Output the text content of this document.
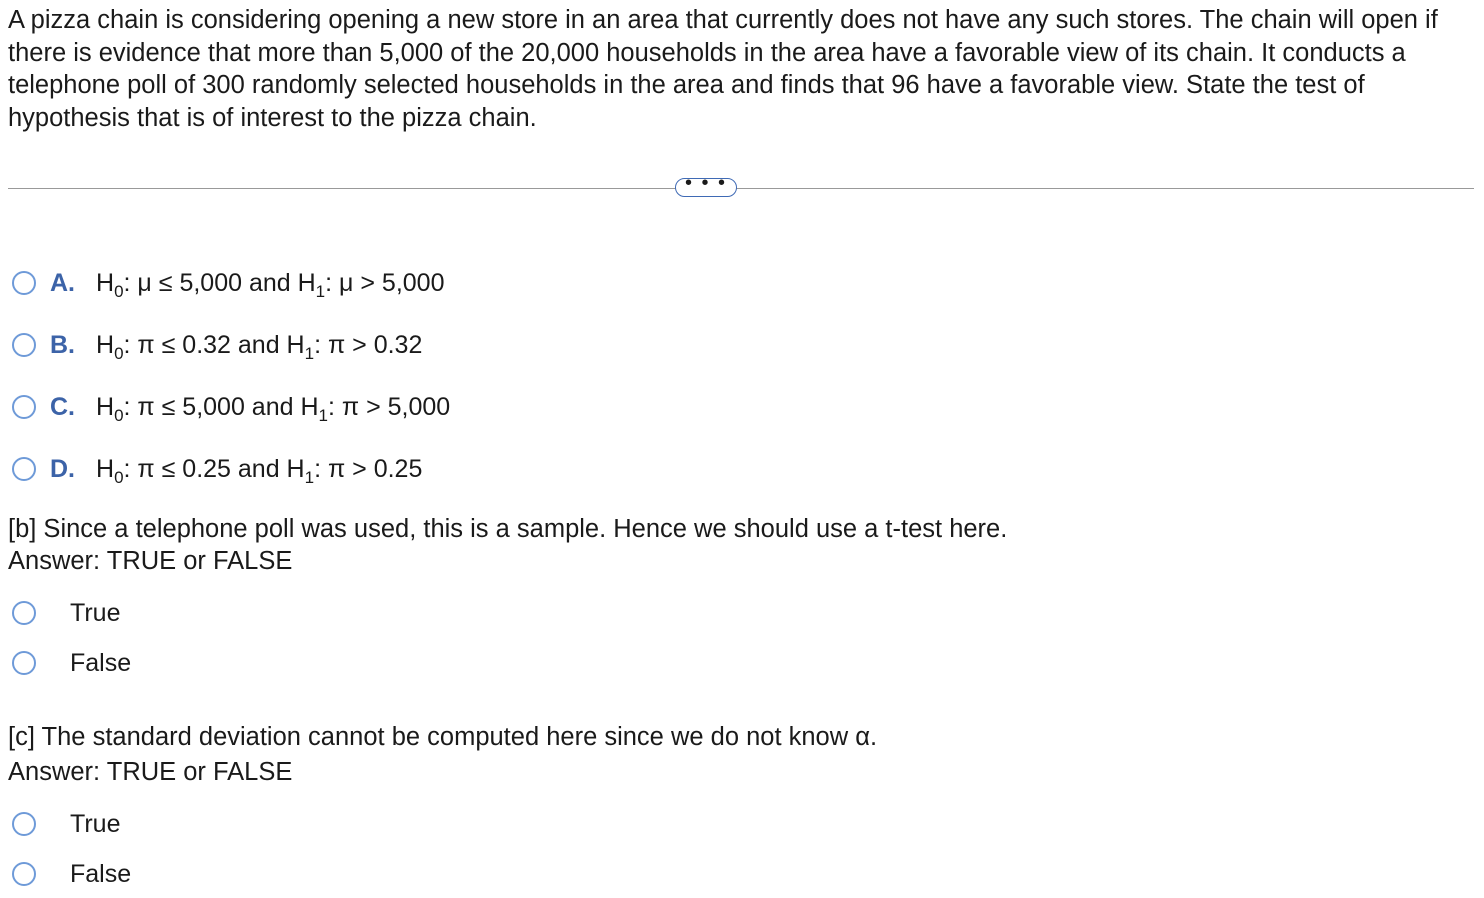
A pizza chain is considering opening a new store in an area that currently does not have any such stores. The chain will open if there is evidence that more than 5,000 of the 20,000 households in the area have a favorable view of its chain. It conducts a telephone poll of 300 randomly selected households in the area and finds that 96 have a favorable view. State the test of hypothesis that is of interest to the pizza chain.
• • •
A. $H_0$: μ ≤ 5,000 and $H_1$: μ > 5,000
B. $H_0$: π ≤ 0.32 and $H_1$: π > 0.32
C. $H_0$: π ≤ 5,000 and $H_1$: π > 5,000
D. $H_0$: π ≤ 0.25 and $H_1$: π > 0.25
[b] Since a telephone poll was used, this is a sample. Hence we should use a t-test here.
Answer: TRUE or FALSE
True
False
[c] The standard deviation cannot be computed here since we do not know α.
Answer: TRUE or FALSE
True
False
